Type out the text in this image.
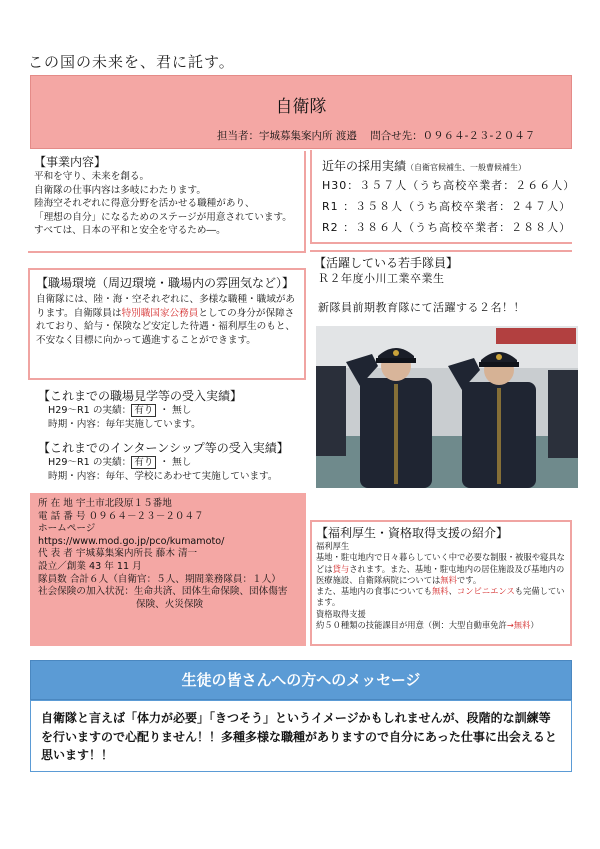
この国の未来を、君に託す。
自衛隊
担当者：宇城募集案内所 渡邉 問合せ先：０９６４-２３-２０４７
【事業内容】
平和を守り、未来を創る。
自衛隊の仕事内容は多岐にわたります。
陸海空それぞれに得意分野を活かせる職種があり、
「理想の自分」になるためのステージが用意されています。
すべては、日本の平和と安全を守るため―。
【職場環境（周辺環境・職場内の雰囲気など）】
自衛隊には、陸・海・空それぞれに、多様な職種・職域があります。自衛隊員は特別職国家公務員としての身分が保障されており、給与・保険など安定した待遇・福利厚生のもと、不安なく目標に向かって邁進することができます。
【これまでの職場見学等の受入実績】
H29～R1 の実績： 有り ・ 無し
時期・内容：毎年実施しています。
【これまでのインターンシップ等の受入実績】
H29～R1 の実績： 有り ・ 無し
時期・内容：毎年、学校にあわせて実施しています。
所 在 地 宇土市北段原１５番地
電 話 番 号 ０９６４－２３－２０４７
ホームページ
https://www.mod.go.jp/pco/kumamoto/
代 表 者 宇城募集案内所長 藤木 清一
設立／創業 43 年 11 月
隊員数 合計６人（自衛官：５人、期間業務隊員：１人）
社会保険の加入状況：生命共済、団体生命保険、団体傷害
保険、火災保険
近年の採用実績（自衛官候補生、一般曹候補生）
H30：３５７人（うち高校卒業者：２６６人）
R1 ：３５８人（うち高校卒業者：２４７人）
R2 ：３８６人（うち高校卒業者：２８８人）
【活躍している若手隊員】
Ｒ２年度小川工業卒業生
新隊員前期教育隊にて活躍する２名！！
【福利厚生・資格取得支援の紹介】
福利厚生
基地・駐屯地内で日々暮らしていく中で必要な制服・被服や寝具などは貸与されます。また、基地・駐屯地内の居住施設及び基地内の医療施設、自衛隊病院については無料です。
また、基地内の食事についても無料、コンビニエンスも完備しています。
資格取得支援
約５０種類の技能課目が用意（例：大型自動車免許→無料）
生徒の皆さんへの方へのメッセージ
自衛隊と言えば「体力が必要」「きつそう」というイメージかもしれませんが、段階的な訓練等を行いますので心配りません！！多種多様な職種がありますので自分にあった仕事に出会えると思います！！
